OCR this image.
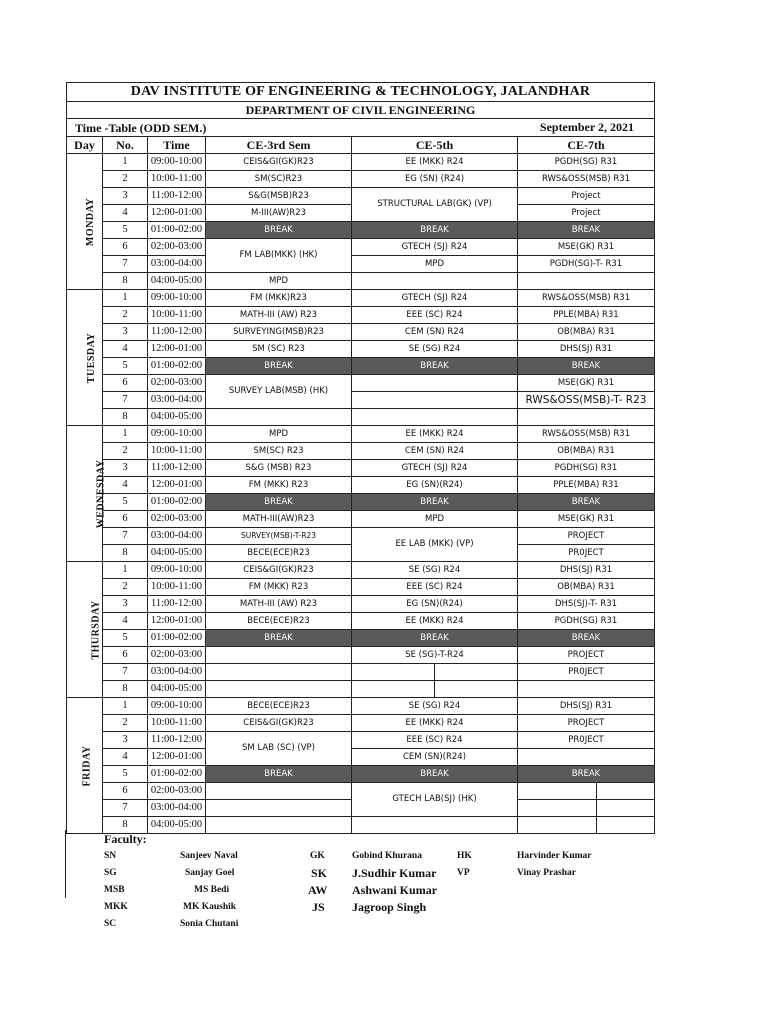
DAV INSTITUTE OF ENGINEERING & TECHNOLOGY, JALANDHAR					
DEPARTMENT OF CIVIL ENGINEERING					
Time -Table (ODD SEM.) September 2, 2021					

Day	No.	Time	CE-3rd Sem	CE-5th	CE-7th
MONDAY	1	09:00-10:00	CEIS&GI(GK)R23	EE (MKK) R24	PGDH(SG) R31
	2	10:00-11:00	SM(SC)R23	EG (SN) (R24)	RWS&OSS(MSB) R31
	3	11:00-12:00	S&G(MSB)R23	STRUCTURAL LAB(GK) (VP)	Project
	4	12:00-01:00	M-III(AW)R23		Project
	5	01:00-02:00	BREAK	BREAK	BREAK
	6	02:00-03:00	FM LAB(MKK) (HK)	GTECH (SJ) R24	MSE(GK) R31
	7	03:00-04:00		MPD	PGDH(SG)-T- R31
	8	04:00-05:00	MPD		
TUESDAY	1	09:00-10:00	FM (MKK)R23	GTECH (SJ) R24	RWS&OSS(MSB) R31
	2	10:00-11:00	MATH-III (AW) R23	EEE (SC) R24	PPLE(MBA) R31
	3	11:00-12:00	SURVEYING(MSB)R23	CEM (SN) R24	OB(MBA) R31
	4	12:00-01:00	SM (SC) R23	SE (SG) R24	DHS(SJ) R31
	5	01:00-02:00	BREAK	BREAK	BREAK
	6	02:00-03:00	SURVEY LAB(MSB) (HK)		MSE(GK) R31
	7	03:00-04:00			RWS&OSS(MSB)-T- R23
	8	04:00-05:00			
WEDNESDAY	1	09:00-10:00	MPD	EE (MKK) R24	RWS&OSS(MSB) R31
	2	10:00-11:00	SM(SC) R23	CEM (SN) R24	OB(MBA) R31
	3	11:00-12:00	S&G (MSB) R23	GTECH (SJ) R24	PGDH(SG) R31
	4	12:00-01:00	FM (MKK) R23	EG (SN)(R24)	PPLE(MBA) R31
	5	01:00-02:00	BREAK	BREAK	BREAK
	6	02:00-03:00	MATH-III(AW)R23	MPD	MSE(GK) R31
	7	03:00-04:00	SURVEY(MSB)-T-R23	EE LAB (MKK) (VP)	PROJECT
	8	04:00-05:00	BECE(ECE)R23		PR0JECT
THURSDAY	1	09:00-10:00	CEIS&GI(GK)R23	SE (SG) R24	DHS(SJ) R31
	2	10:00-11:00	FM (MKK) R23	EEE (SC) R24	OB(MBA) R31
	3	11:00-12:00	MATH-III (AW) R23	EG (SN)(R24)	DHS(SJ)-T- R31
	4	12:00-01:00	BECE(ECE)R23	EE (MKK) R24	PGDH(SG) R31
	5	01:00-02:00	BREAK	BREAK	BREAK
	6	02:00-03:00		SE (SG)-T-R24	PROJECT
	7	03:00-04:00			PR0JECT
	8	04:00-05:00		

FRIDAY	1	09:00-10:00	BECE(ECE)R23	SE (SG) R24	DHS(SJ) R31
	2	10:00-11:00	CEIS&GI(GK)R23	EE (MKK) R24	PROJECT
	3	11:00-12:00	SM LAB (SC) (VP)	EEE (SC) R24	PR0JECT
	4	12:00-01:00		CEM (SN)(R24)	
	5	01:00-02:00	BREAK	BREAK	BREAK
	6	02:00-03:00		GTECH LAB(SJ) (HK)	

	7	03:00-04:00			

	8	04:00-05:00			
Faculty:
SN	Sanjeev Naval
SG	Sanjay Goel
MSB	MS Bedi
MKK	MK Kaushik
SC	Sonia Chutani
GK	Gobind Khurana
SK J.Sudhir Kumar
AW Ashwani Kumar
JS Jagroop Singh
HK	Harvinder Kumar
VP	Vinay Prashar
